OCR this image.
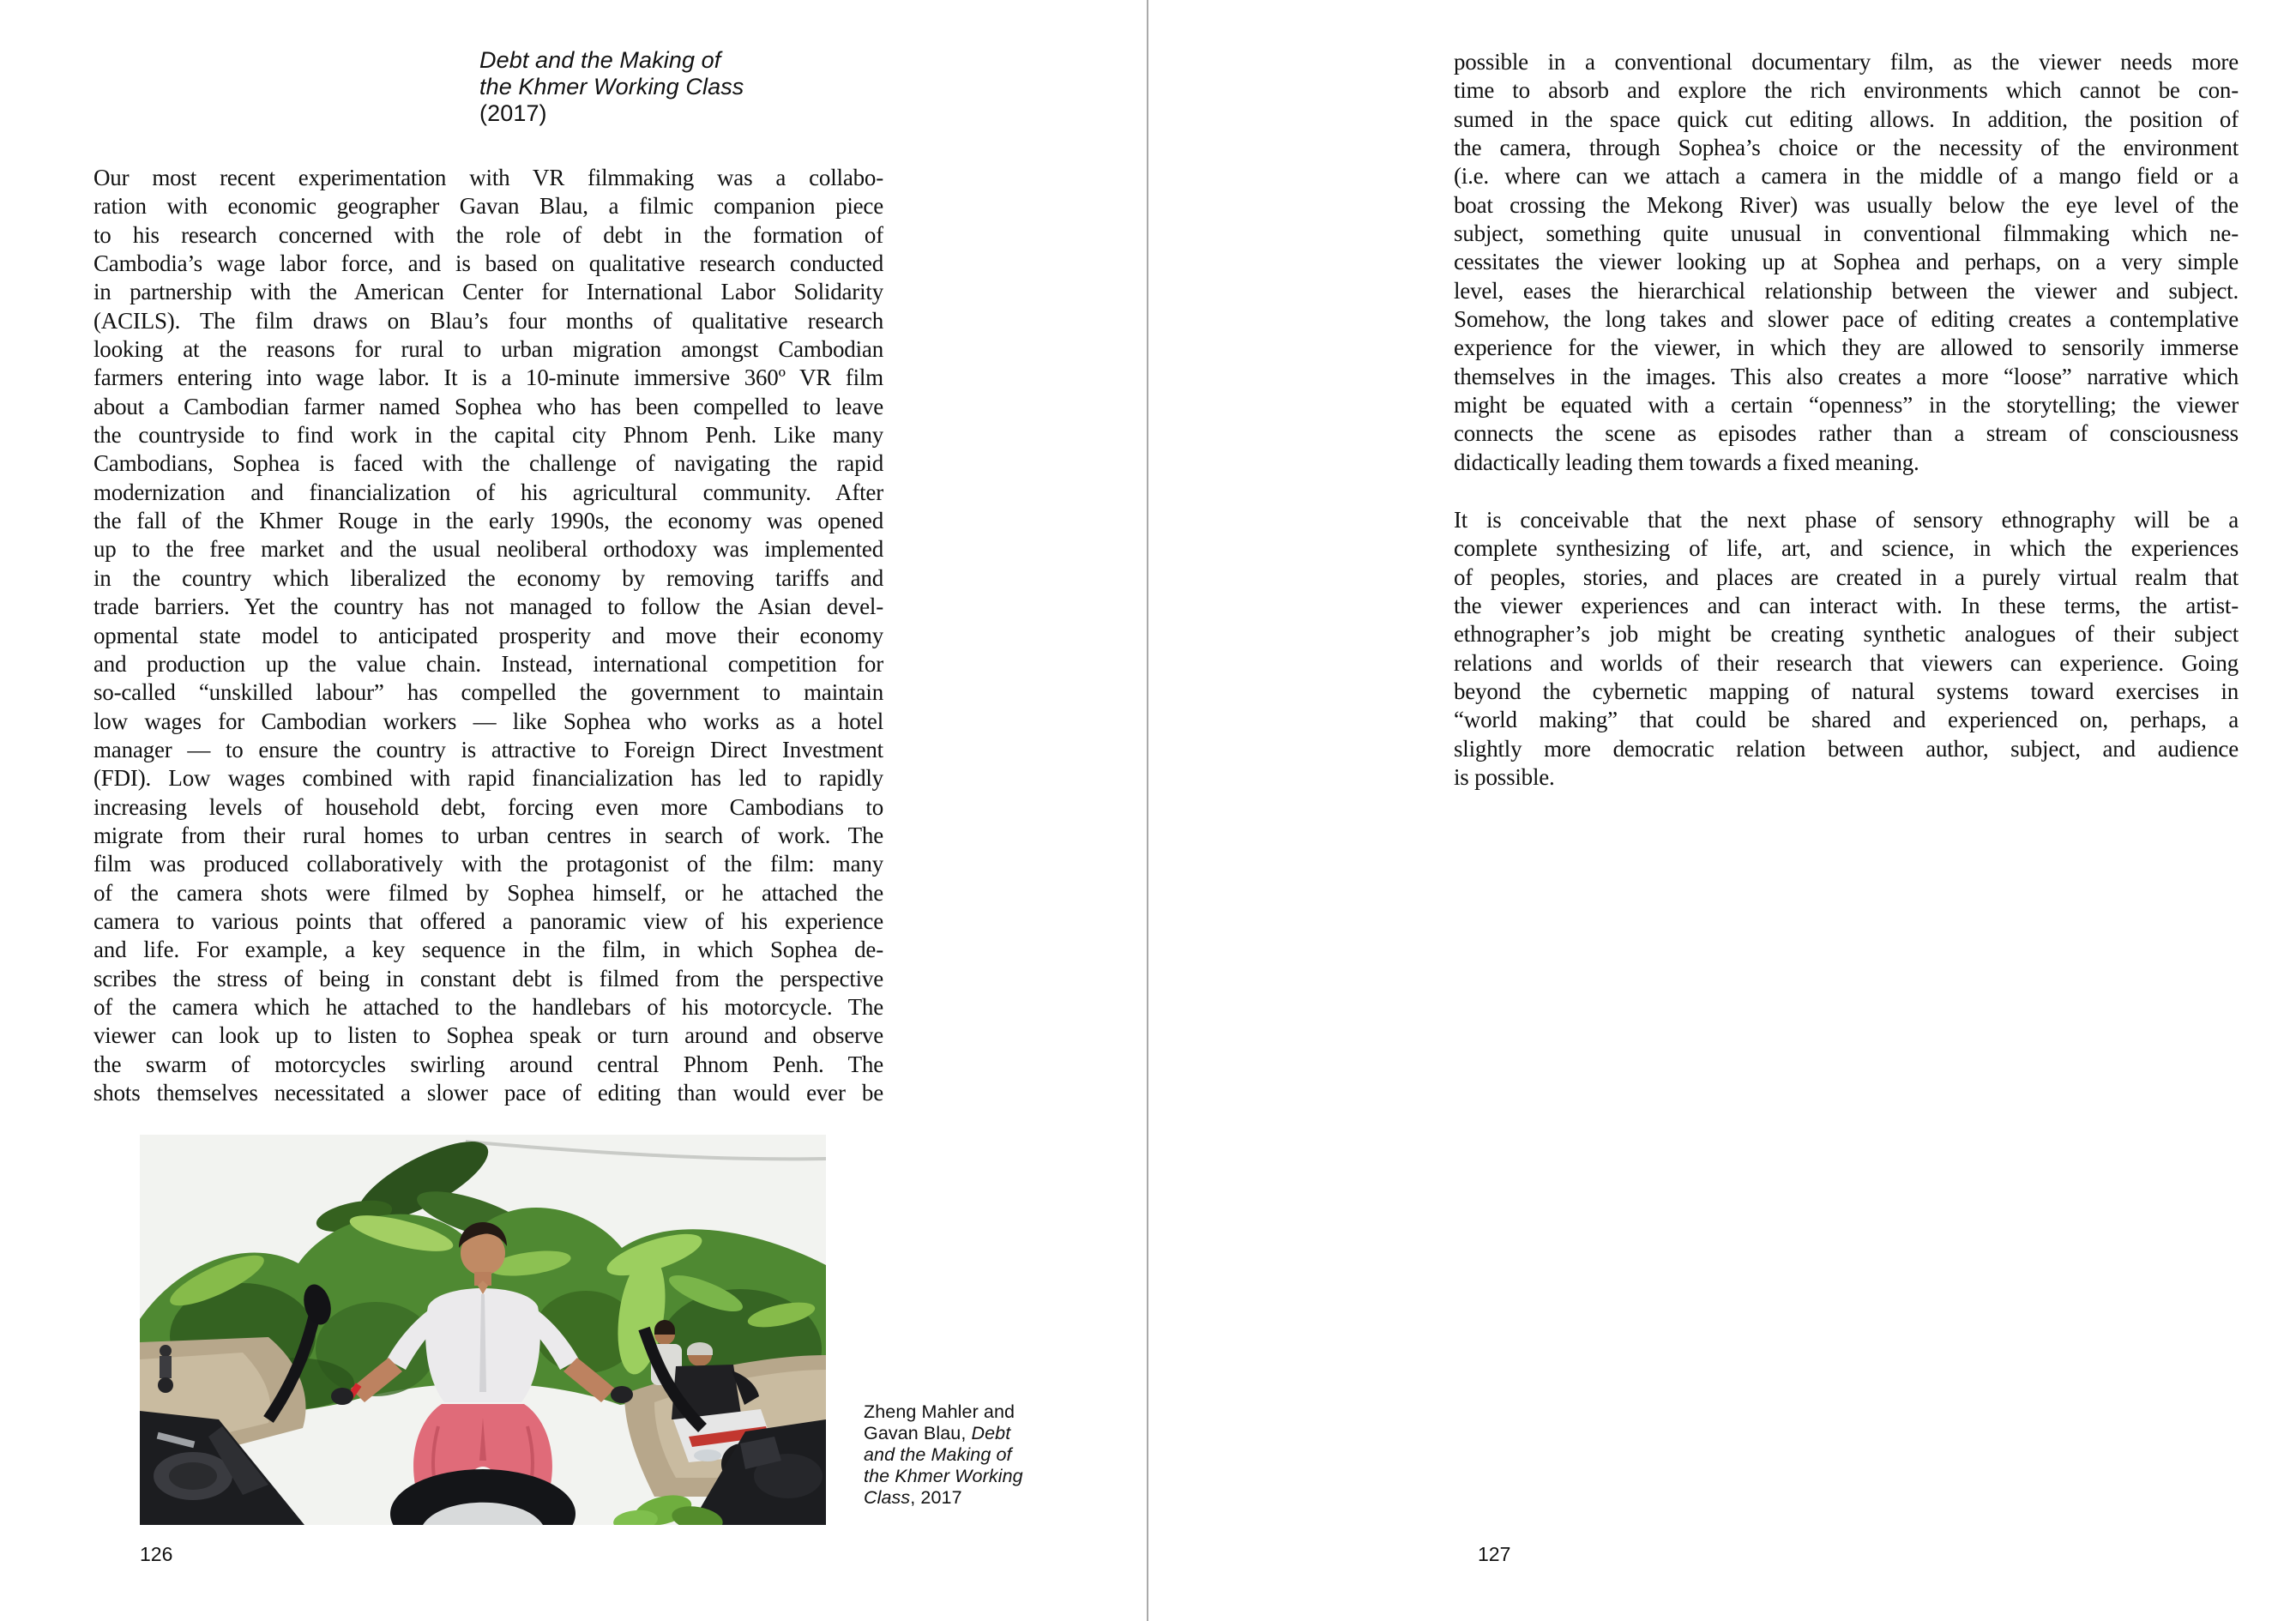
Debt and the Making of
the Khmer Working Class
(2017)
Our most recent experimentation with VR filmmaking was a collabo-
ration with economic geographer Gavan Blau, a filmic companion piece
to his research concerned with the role of debt in the formation of
Cambodia’s wage labor force, and is based on qualitative research conducted
in partnership with the American Center for International Labor Solidarity
(ACILS). The film draws on Blau’s four months of qualitative research
looking at the reasons for rural to urban migration amongst Cambodian
farmers entering into wage labor. It is a 10-minute immersive 360º VR film
about a Cambodian farmer named Sophea who has been compelled to leave
the countryside to find work in the capital city Phnom Penh. Like many
Cambodians, Sophea is faced with the challenge of navigating the rapid
modernization and financialization of his agricultural community. After
the fall of the Khmer Rouge in the early 1990s, the economy was opened
up to the free market and the usual neoliberal orthodoxy was implemented
in the country which liberalized the economy by removing tariffs and
trade barriers. Yet the country has not managed to follow the Asian devel-
opmental state model to anticipated prosperity and move their economy
and production up the value chain. Instead, international competition for
so-called “unskilled labour” has compelled the government to maintain
low wages for Cambodian workers — like Sophea who works as a hotel
manager — to ensure the country is attractive to Foreign Direct Investment
(FDI). Low wages combined with rapid financialization has led to rapidly
increasing levels of household debt, forcing even more Cambodians to
migrate from their rural homes to urban centres in search of work. The
film was produced collaboratively with the protagonist of the film: many
of the camera shots were filmed by Sophea himself, or he attached the
camera to various points that offered a panoramic view of his experience
and life. For example, a key sequence in the film, in which Sophea de-
scribes the stress of being in constant debt is filmed from the perspective
of the camera which he attached to the handlebars of his motorcycle. The
viewer can look up to listen to Sophea speak or turn around and observe
the swarm of motorcycles swirling around central Phnom Penh. The
shots themselves necessitated a slower pace of editing than would ever be
Zheng Mahler and
Gavan Blau, Debt
and the Making of
the Khmer Working
Class, 2017
126
possible in a conventional documentary film, as the viewer needs more
time to absorb and explore the rich environments which cannot be con-
sumed in the space quick cut editing allows. In addition, the position of
the camera, through Sophea’s choice or the necessity of the environment
(i.e. where can we attach a camera in the middle of a mango field or a
boat crossing the Mekong River) was usually below the eye level of the
subject, something quite unusual in conventional filmmaking which ne-
cessitates the viewer looking up at Sophea and perhaps, on a very simple
level, eases the hierarchical relationship between the viewer and subject.
Somehow, the long takes and slower pace of editing creates a contemplative
experience for the viewer, in which they are allowed to sensorily immerse
themselves in the images. This also creates a more “loose” narrative which
might be equated with a certain “openness” in the storytelling; the viewer
connects the scene as episodes rather than a stream of consciousness
didactically leading them towards a fixed meaning.
It is conceivable that the next phase of sensory ethnography will be a
complete synthesizing of life, art, and science, in which the experiences
of peoples, stories, and places are created in a purely virtual realm that
the viewer experiences and can interact with. In these terms, the artist-
ethnographer’s job might be creating synthetic analogues of their subject
relations and worlds of their research that viewers can experience. Going
beyond the cybernetic mapping of natural systems toward exercises in
“world making” that could be shared and experienced on, perhaps, a
slightly more democratic relation between author, subject, and audience
is possible.
127
